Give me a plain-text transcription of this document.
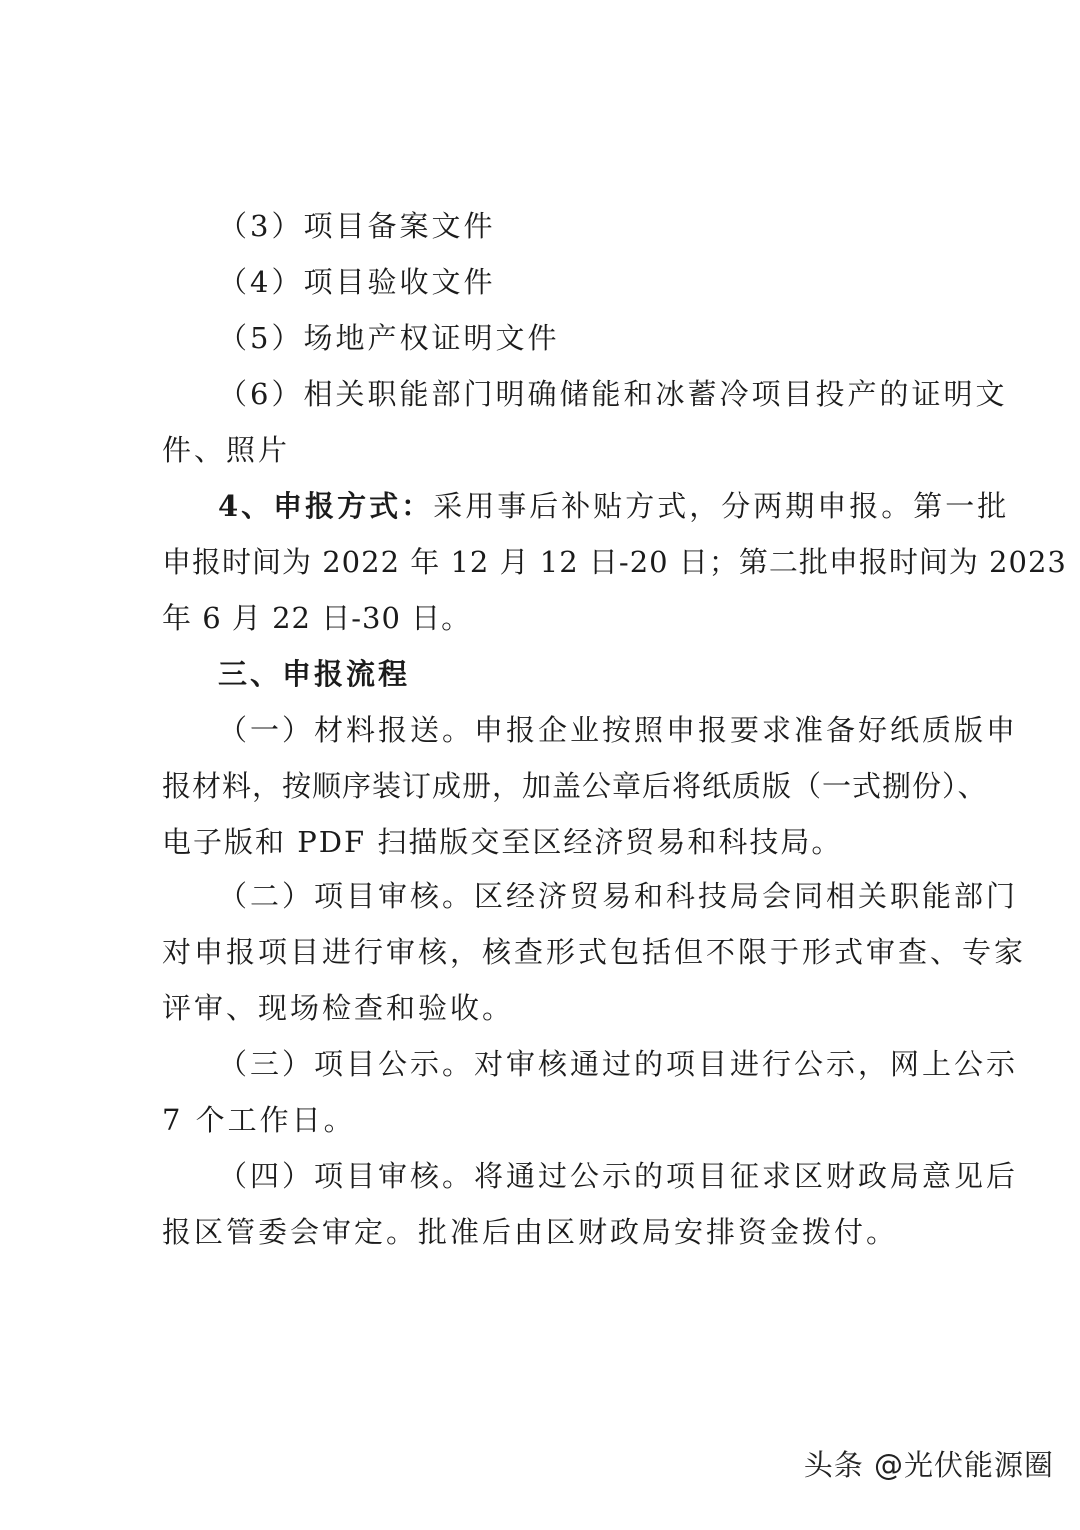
（3）项目备案文件
（4）项目验收文件
（5）场地产权证明文件
（6）相关职能部门明确储能和冰蓄冷项目投产的证明文
件、照片
4、申报方式：采用事后补贴方式，分两期申报。第一批
申报时间为 2022 年 12 月 12 日-20 日；第二批申报时间为 2023
年 6 月 22 日-30 日。
三、申报流程
（一）材料报送。申报企业按照申报要求准备好纸质版申
报材料，按顺序装订成册，加盖公章后将纸质版（一式捌份）、
电子版和 PDF 扫描版交至区经济贸易和科技局。
（二）项目审核。区经济贸易和科技局会同相关职能部门
对申报项目进行审核，核查形式包括但不限于形式审查、专家
评审、现场检查和验收。
（三）项目公示。对审核通过的项目进行公示，网上公示
7 个工作日。
（四）项目审核。将通过公示的项目征求区财政局意见后
报区管委会审定。批准后由区财政局安排资金拨付。
头条 @光伏能源圈
